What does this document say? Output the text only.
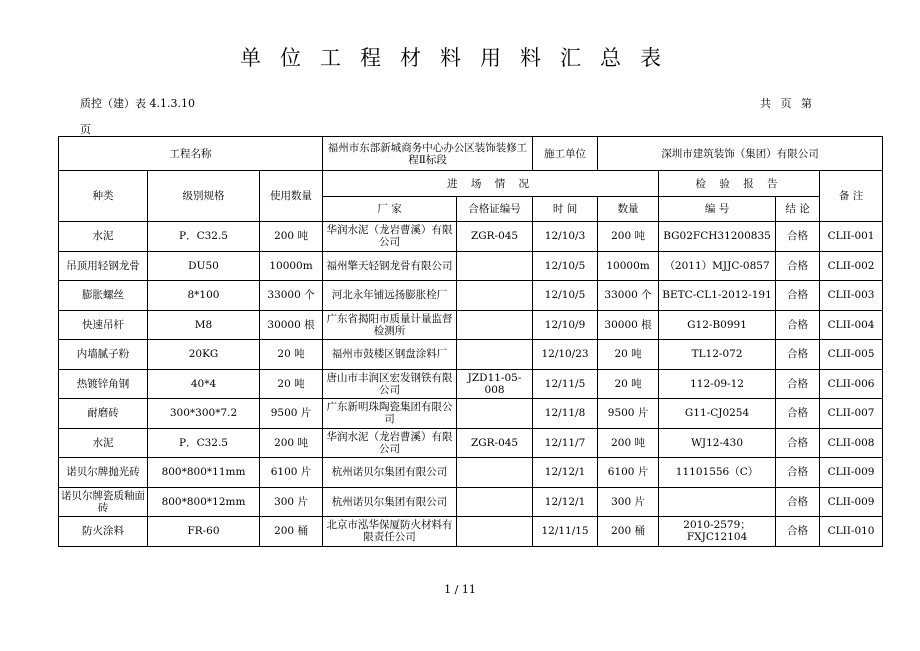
单位工程材料用料汇总表
质控（建）表 4.1.3.10	共 页 第
页
工程名称			福州市东部新城商务中心办公区装饰装修工程Ⅱ标段		施工单位	深圳市建筑装饰（集团）有限公司			
种类	级别规格	使用数量	进 场 情 况				检 验 报 告		备 注
			厂 家	合格证编号	时 间	数量	编 号	结 论	
水泥	P．C32.5	200 吨	华润水泥（龙岩曹溪）有限公司	ZGR-045	12/10/3	200 吨	BG02FCH31200835	合格	CLII-001
吊顶用轻钢龙骨	DU50	10000m	福州擎天轻钢龙骨有限公司		12/10/5	10000m	（2011）MJJC-0857	合格	CLII-002
膨胀螺丝	8*100	33000 个	河北永年铺远扬膨胀栓厂		12/10/5	33000 个	BETC-CL1-2012-191	合格	CLII-003
快速吊杆	M8	30000 根	广东省揭阳市质量计量监督检测所		12/10/9	30000 根	G12-B0991	合格	CLII-004
内墙腻子粉	20KG	20 吨	福州市鼓楼区钢盘涂料厂		12/10/23	20 吨	TL12-072	合格	CLII-005
热镀锌角钢	40*4	20 吨	唐山市丰润区宏发钢铁有限公司	JZD11-05-008	12/11/5	20 吨	112-09-12	合格	CLII-006
耐磨砖	300*300*7.2	9500 片	广东新明珠陶瓷集团有限公司		12/11/8	9500 片	G11-CJ0254	合格	CLII-007
水泥	P．C32.5	200 吨	华润水泥（龙岩曹溪）有限公司	ZGR-045	12/11/7	200 吨	WJ12-430	合格	CLII-008
诺贝尔牌抛光砖	800*800*11mm	6100 片	杭州诺贝尔集团有限公司		12/12/1	6100 片	11101556（C）	合格	CLII-009
诺贝尔牌瓷质釉面砖	800*800*12mm	300 片	杭州诺贝尔集团有限公司		12/12/1	300 片		合格	CLII-009
防火涂料	FR-60	200 桶	北京市泓华保厦防火材料有限责任公司		12/11/15	200 桶	2010-2579；FXJC12104	合格	CLII-010
1 / 11
